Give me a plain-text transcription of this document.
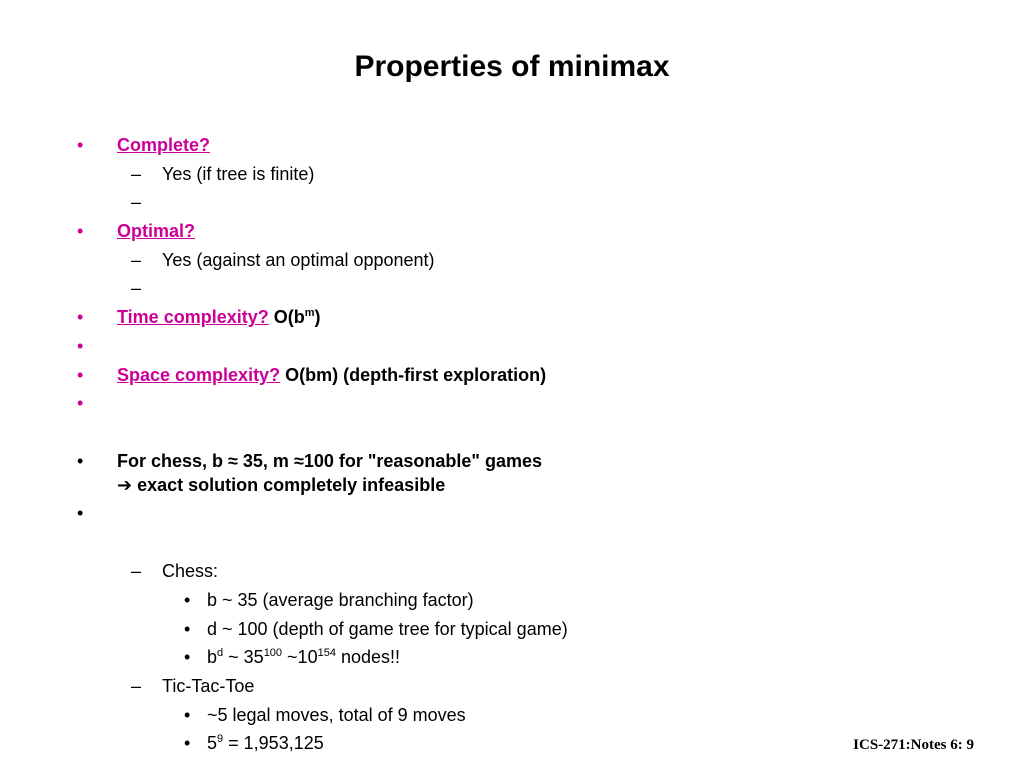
Properties of minimax
• Complete?
– Yes (if tree is finite)
–
• Optimal?
– Yes (against an optimal opponent)
–
• Time complexity? $O(b^m)$
•
• Space complexity? O(bm) (depth-first exploration)
•
• For chess, b ≈ 35, m ≈100 for "reasonable" games
➔ exact solution completely infeasible
•
– Chess:
• b ~ 35 (average branching factor)
• d ~ 100 (depth of game tree for typical game)
• $b^d$ ~ $35^{100}$ $\sim 10^{154}$ nodes!!
– Tic-Tac-Toe
• ~5 legal moves, total of 9 moves
• $5^9 = 1,953,125$	ICS-271:Notes 6: 9
